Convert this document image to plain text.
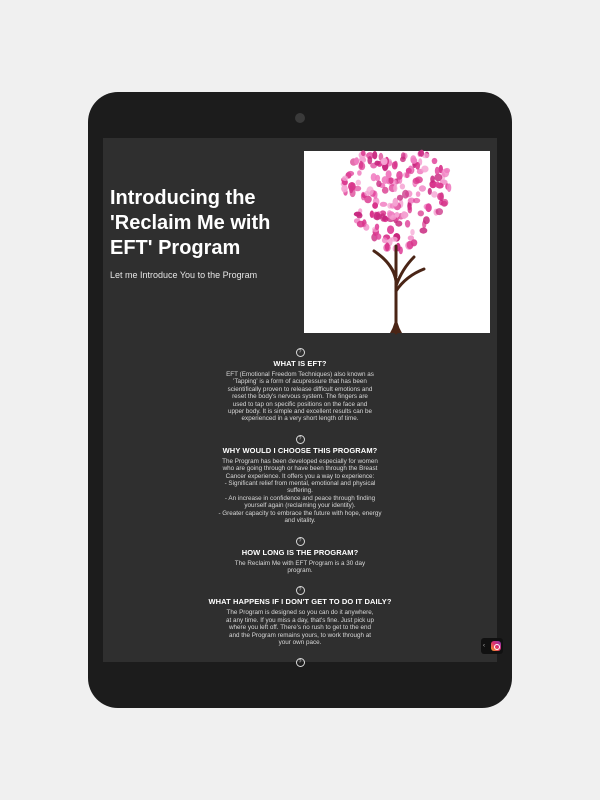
Introducing the 'Reclaim Me with EFT' Program
Let me Introduce You to the Program
?
WHAT IS EFT?
EFT (Emotional Freedom Techniques) also known as 'Tapping' is a form of acupressure that has been scientifically proven to release difficult emotions and reset the body's nervous system. The fingers are used to tap on specific positions on the face and upper body. It is simple and excellent results can be experienced in a very short length of time.
?
WHY WOULD I CHOOSE THIS PROGRAM?
The Program has been developed especially for women who are going through or have been through the Breast Cancer experience. It offers you a way to experience:
- Significant relief from mental, emotional and physical suffering.
- An increase in confidence and peace through finding yourself again (reclaiming your identity).
- Greater capacity to embrace the future with hope, energy and vitality.
?
HOW LONG IS THE PROGRAM?
The Reclaim Me with EFT Program is a 30 day program.
?
WHAT HAPPENS IF I DON'T GET TO DO IT DAILY?
The Program is designed so you can do it anywhere, at any time. If you miss a day, that's fine. Just pick up where you left off. There's no rush to get to the end and the Program remains yours, to work through at your own pace.
?
‹
